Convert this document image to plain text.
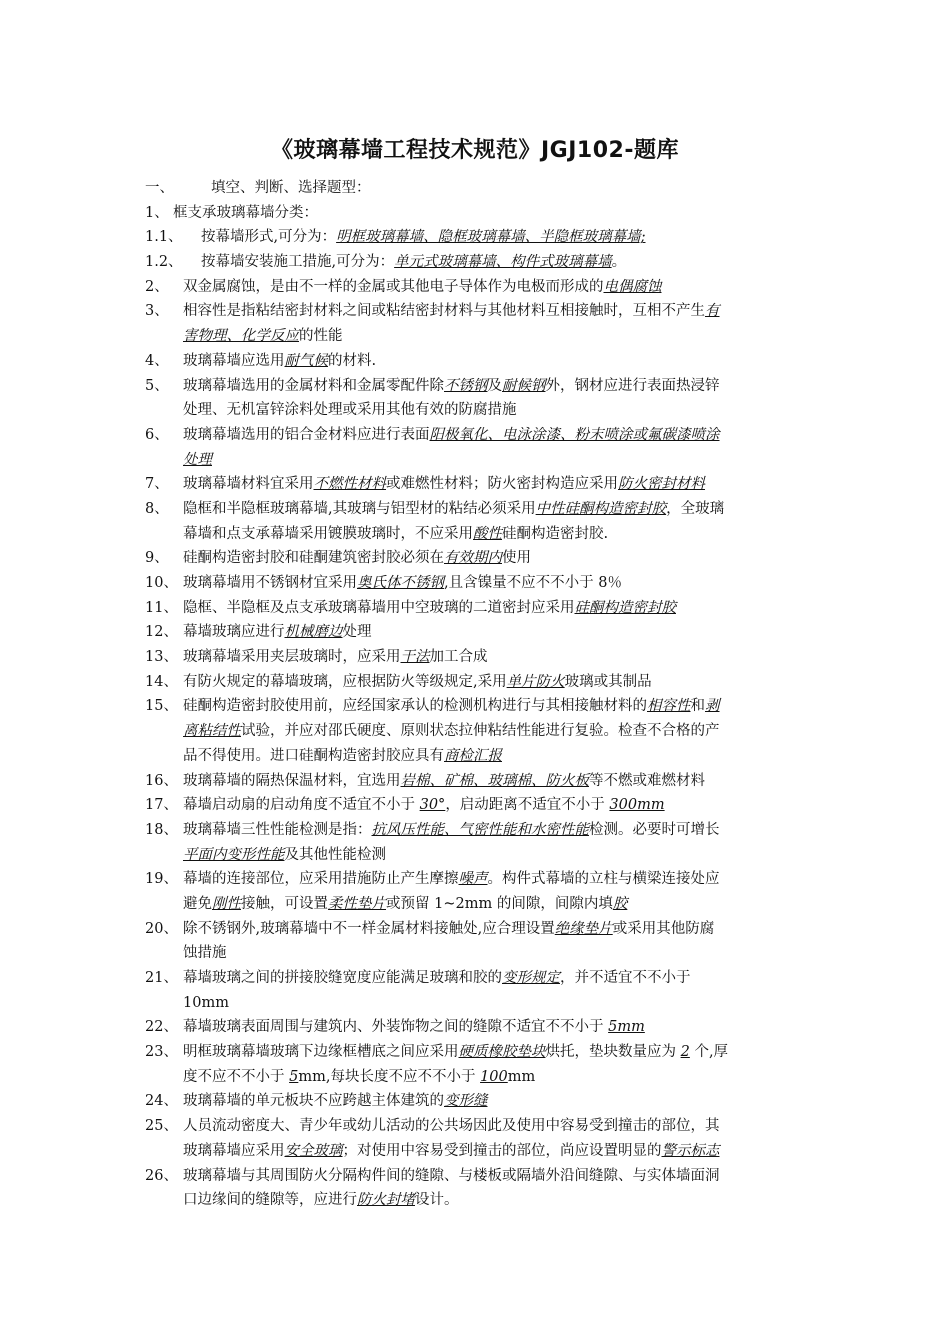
《玻璃幕墙工程技术规范》JGJ102-题库
一、	填空、判断、选择题型：
1、 框支承玻璃幕墙分类：
1.1、 按幕墙形式,可分为：明框玻璃幕墙、隐框玻璃幕墙、半隐框玻璃幕墙;
1.2、 按幕墙安装施工措施,可分为：单元式玻璃幕墙、构件式玻璃幕墙。
2、 双金属腐蚀，是由不一样的金属或其他电子导体作为电极而形成的电偶腐蚀
3、 相容性是指粘结密封材料之间或粘结密封材料与其他材料互相接触时，互相不产生有
害物理、化学反应的性能
4、 玻璃幕墙应选用耐气候的材料.
5、 玻璃幕墙选用的金属材料和金属零配件除不锈钢及耐候钢外，钢材应进行表面热浸锌
处理、无机富锌涂料处理或采用其他有效的防腐措施
6、 玻璃幕墙选用的铝合金材料应进行表面阳极氧化、电泳涂漆、粉末喷涂或氟碳漆喷涂
处理
7、 玻璃幕墙材料宜采用不燃性材料或难燃性材料；防火密封构造应采用防火密封材料
8、 隐框和半隐框玻璃幕墙,其玻璃与铝型材的粘结必须采用中性硅酮构造密封胶，全玻璃
幕墙和点支承幕墙采用镀膜玻璃时，不应采用酸性硅酮构造密封胶.
9、 硅酮构造密封胶和硅酮建筑密封胶必须在有效期内使用
10、 玻璃幕墙用不锈钢材宜采用奥氏体不锈钢,且含镍量不应不不小于 8％
11、 隐框、半隐框及点支承玻璃幕墙用中空玻璃的二道密封应采用硅酮构造密封胶
12、 幕墙玻璃应进行机械磨边处理
13、 玻璃幕墙采用夹层玻璃时，应采用干法加工合成
14、 有防火规定的幕墙玻璃，应根据防火等级规定,采用单片防火玻璃或其制品
15、 硅酮构造密封胶使用前，应经国家承认的检测机构进行与其相接触材料的相容性和剥
离粘结性试验，并应对邵氏硬度、原则状态拉伸粘结性能进行复验。检查不合格的产
品不得使用。进口硅酮构造密封胶应具有商检汇报
16、 玻璃幕墙的隔热保温材料，宜选用岩棉、矿棉、玻璃棉、防火板等不燃或难燃材料
17、 幕墙启动扇的启动角度不适宜不小于 30°，启动距离不适宜不小于 300mm
18、 玻璃幕墙三性性能检测是指：抗风压性能、气密性能和水密性能检测。必要时可增长
平面内变形性能及其他性能检测
19、 幕墙的连接部位，应采用措施防止产生摩擦噪声。构件式幕墙的立柱与横梁连接处应
避免刚性接触，可设置柔性垫片或预留 1~2mm 的间隙，间隙内填胶
20、 除不锈钢外,玻璃幕墙中不一样金属材料接触处,应合理设置绝缘垫片或采用其他防腐
蚀措施
21、 幕墙玻璃之间的拼接胶缝宽度应能满足玻璃和胶的变形规定，并不适宜不不小于
10mm
22、 幕墙玻璃表面周围与建筑内、外装饰物之间的缝隙不适宜不不小于 5mm
23、 明框玻璃幕墙玻璃下边缘框槽底之间应采用硬质橡胶垫块烘托，垫块数量应为 2 个,厚
度不应不不小于 5mm,每块长度不应不不小于 100mm
24、 玻璃幕墙的单元板块不应跨越主体建筑的变形缝
25、 人员流动密度大、青少年或幼儿活动的公共场因此及使用中容易受到撞击的部位，其
玻璃幕墙应采用安全玻璃；对使用中容易受到撞击的部位，尚应设置明显的警示标志
26、 玻璃幕墙与其周围防火分隔构件间的缝隙、与楼板或隔墙外沿间缝隙、与实体墙面洞
口边缘间的缝隙等，应进行防火封堵设计。
